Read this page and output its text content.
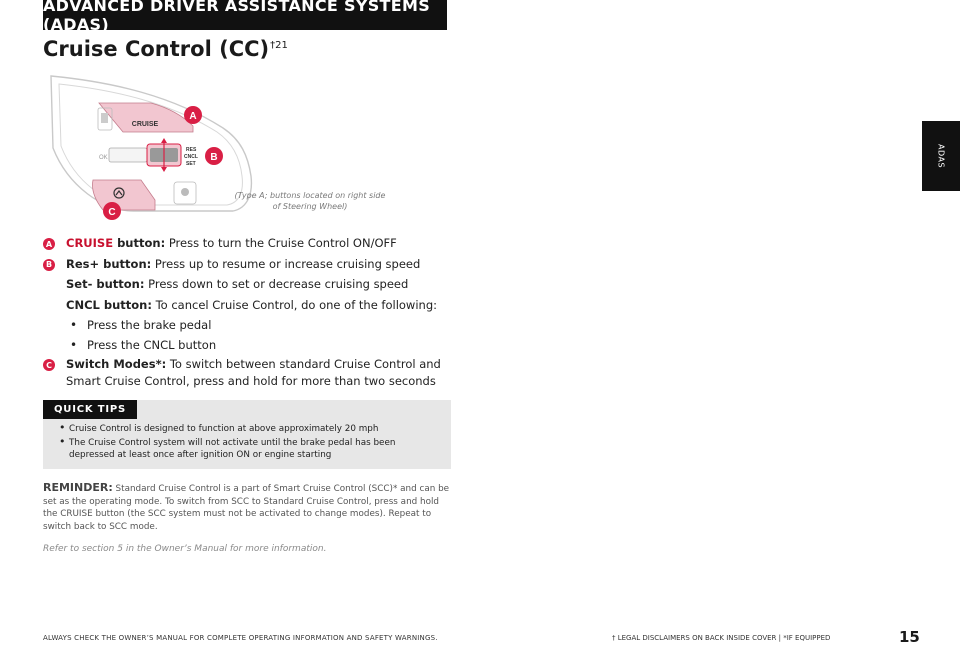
ADVANCED DRIVER ASSISTANCE SYSTEMS (ADAS)
ADAS
Cruise Control (CC)$^{\dagger 21}$
CRUISE
OK
RES
CNCL
SET
A
B
C
(Type A; buttons located on right side of Steering Wheel)
A CRUISE button: Press to turn the Cruise Control ON/OFF
B Res+ button: Press up to resume or increase cruising speed
Set- button: Press down to set or decrease cruising speed
CNCL button: To cancel Cruise Control, do one of the following:
• Press the brake pedal
• Press the CNCL button
C Switch Modes*: To switch between standard Cruise Control and Smart Cruise Control, press and hold for more than two seconds
QUICK TIPS
• Cruise Control is designed to function at above approximately 20 mph
• The Cruise Control system will not activate until the brake pedal has been depressed at least once after ignition ON or engine starting
REMINDER: Standard Cruise Control is a part of Smart Cruise Control (SCC)* and can be set as the operating mode. To switch from SCC to Standard Cruise Control, press and hold the CRUISE button (the SCC system must not be activated to change modes). Repeat to switch back to SCC mode.
Refer to section 5 in the Owner’s Manual for more information.
ALWAYS CHECK THE OWNER’S MANUAL FOR COMPLETE OPERATING INFORMATION AND SAFETY WARNINGS.	† LEGAL DISCLAIMERS ON BACK INSIDE COVER | *IF EQUIPPED	15
